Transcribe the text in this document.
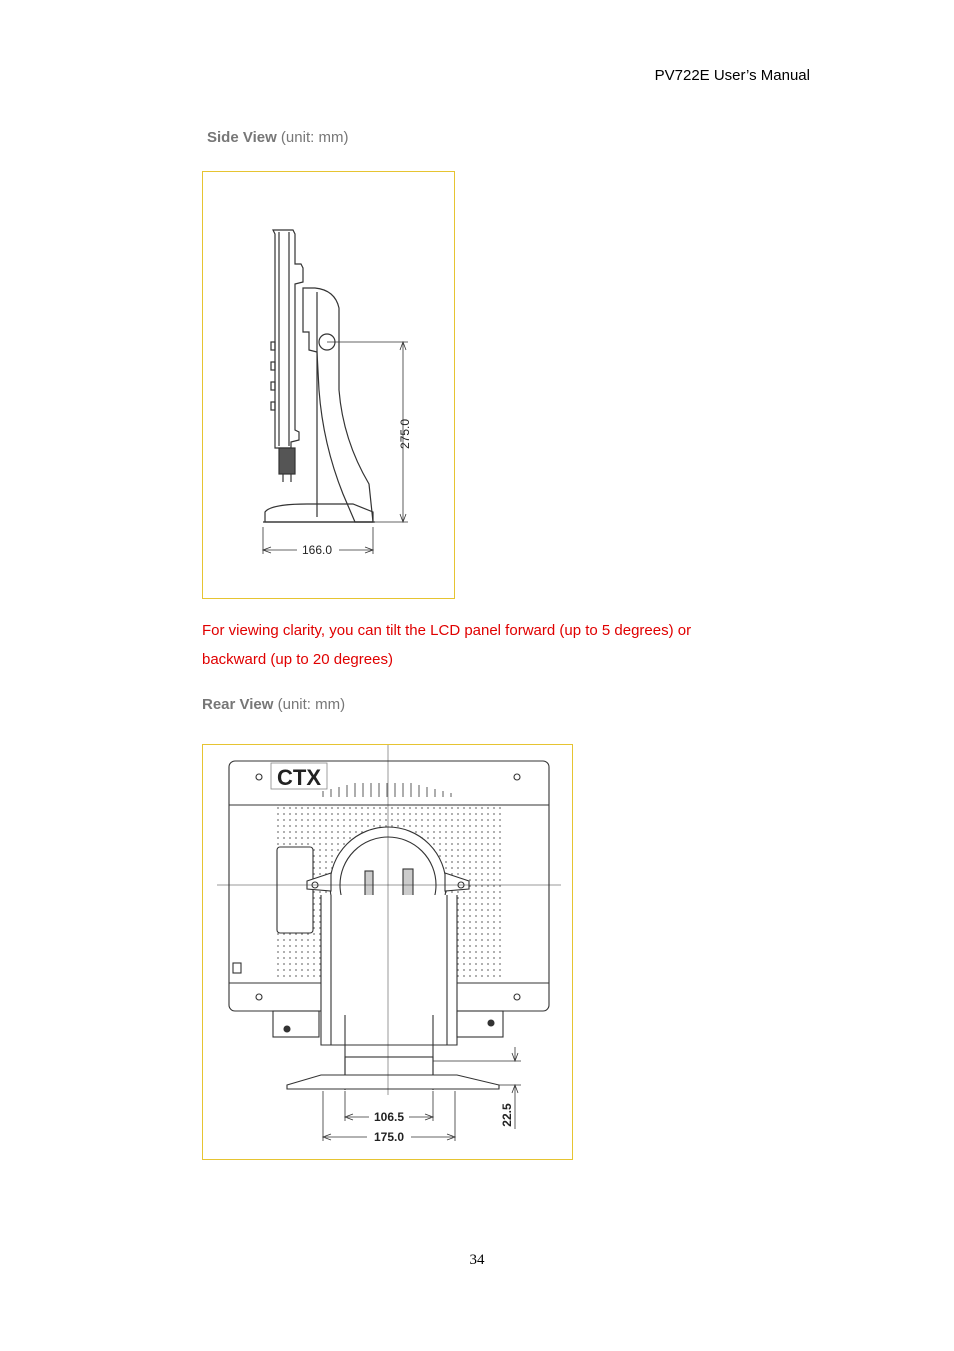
PV722E User’s Manual
Side View (unit: mm)
275.0
166.0
For viewing clarity, you can tilt the LCD panel forward (up to 5 degrees) or
backward (up to 20 degrees)
Rear View (unit: mm)
CTX
106.5
175.0
22.5
34
